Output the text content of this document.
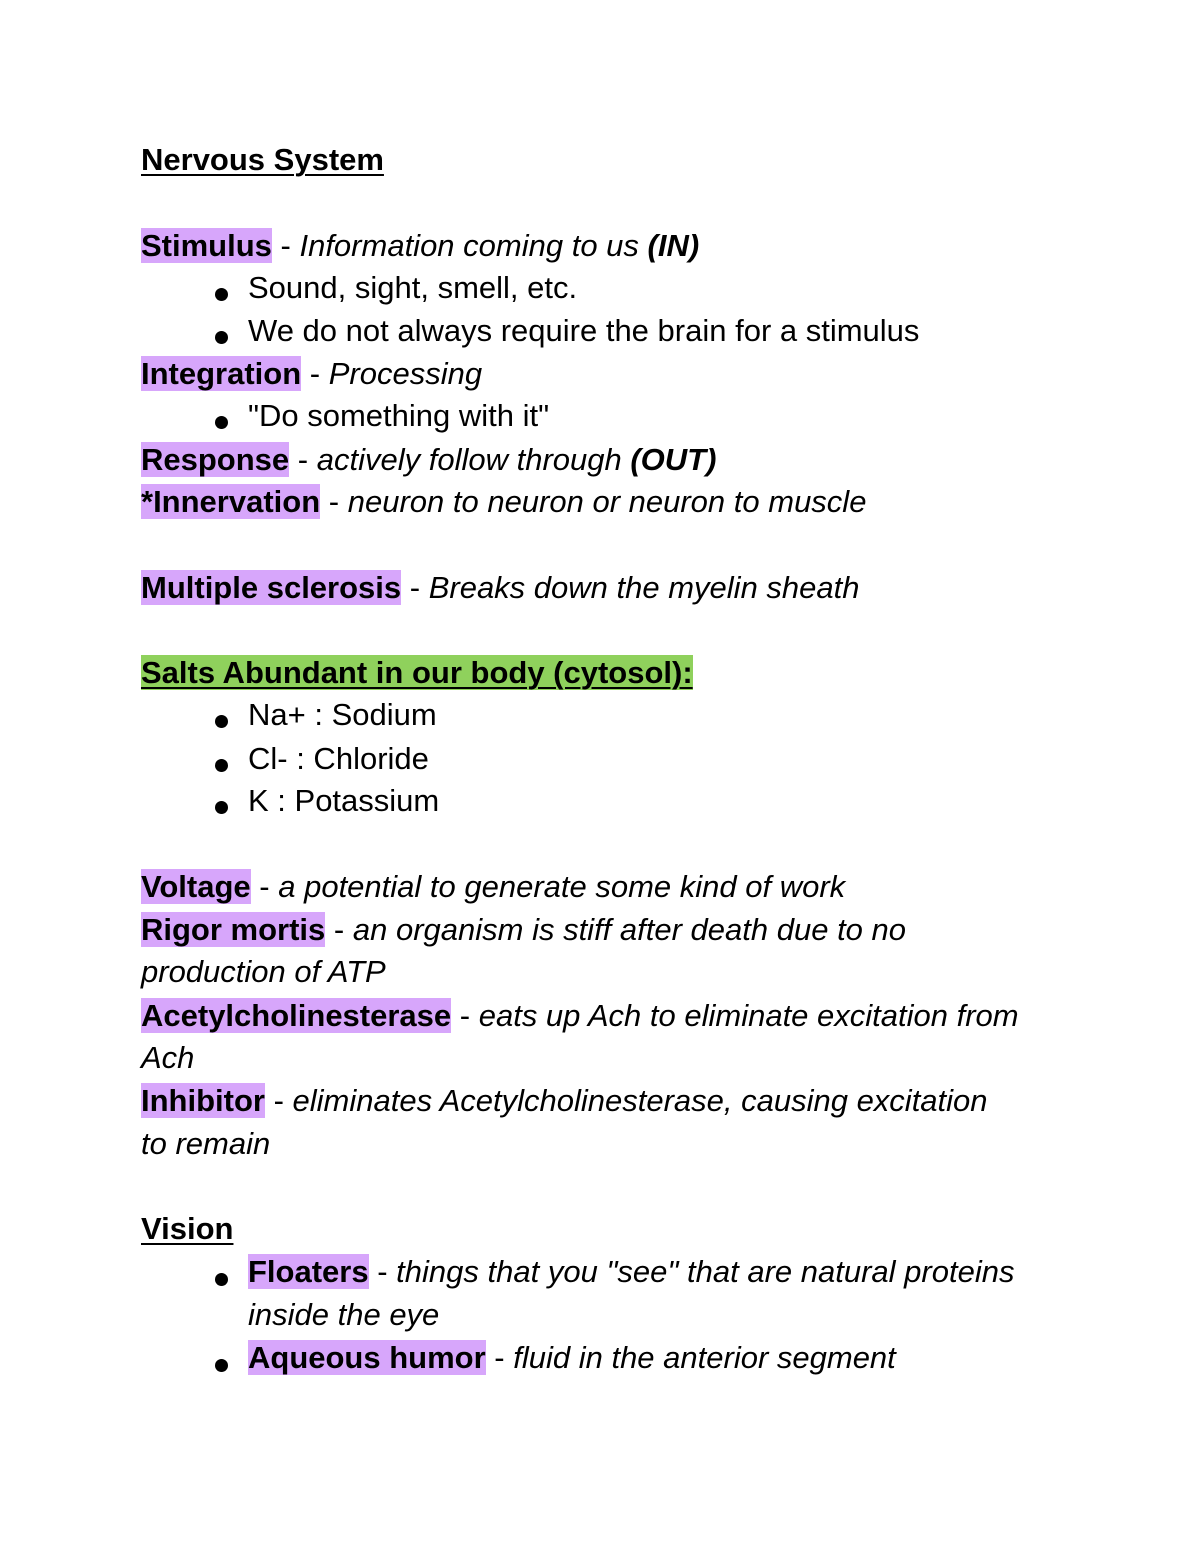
Nervous System
Stimulus - Information coming to us (IN)
Sound, sight, smell, etc.
We do not always require the brain for a stimulus
Integration - Processing
"Do something with it"
Response - actively follow through (OUT)
*Innervation - neuron to neuron or neuron to muscle
Multiple sclerosis - Breaks down the myelin sheath
Salts Abundant in our body (cytosol):
Na+ : Sodium
Cl- : Chloride
K : Potassium
Voltage - a potential to generate some kind of work
Rigor mortis - an organism is stiff after death due to no
production of ATP
Acetylcholinesterase - eats up Ach to eliminate excitation from
Ach
Inhibitor - eliminates Acetylcholinesterase, causing excitation
to remain
Vision
Floaters - things that you "see" that are natural proteins
inside the eye
Aqueous humor - fluid in the anterior segment
